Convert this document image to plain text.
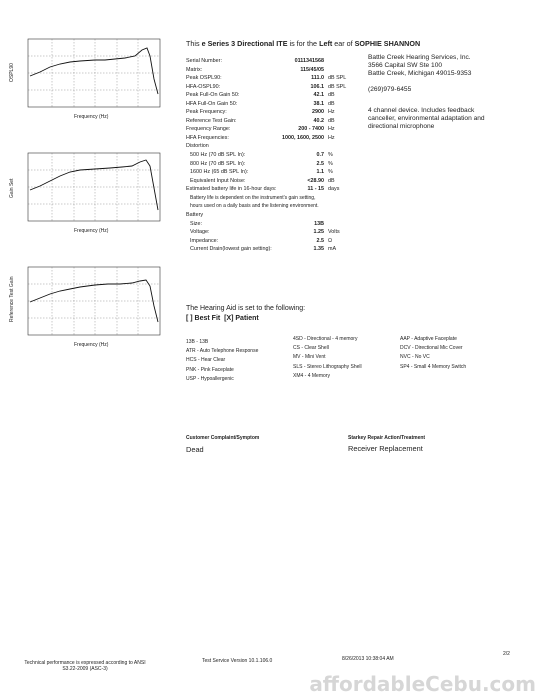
This e Series 3 Directional ITE is for the Left ear of SOPHIE SHANNON
Battle Creek Hearing Services, Inc.
3566 Capital SW Ste 100
Battle Creek, Michigan 49015-9353
(269)979-6455
4 channel device. Includes feedback
canceller, environmental adaptation and
directional microphone
Serial Number:	0111341568
Matrix:	115/45/05
Peak OSPL90:	111.0 dB SPL
HFA-OSPL90:	106.1 dB SPL
Peak Full-On Gain 50:	42.1 dB
HFA Full-On Gain 50:	38.1 dB
Peak Frequency:	2900 Hz
Reference Test Gain:	40.2 dB
Frequency Range:	200 - 7400 Hz
HFA Frequencies:	1000, 1600, 2500 Hz
Distortion
500 Hz (70 dB SPL In):	0.7 %
800 Hz (70 dB SPL In):	2.5 %
1600 Hz (65 dB SPL In):	1.1 %
Equivalent Input Noise:	<28.90 dB
Estimated battery life in 16-hour days:	11 - 15 days
Battery life is dependent on the instrument's gain setting,
hours used on a daily basis and the listening environment.
Battery
Size:	13B
Voltage:	1.25 Volts
Impedance:	2.5 Ω
Current Drain(lowest gain setting):	1.35 mA
The Hearing Aid is set to the following:
[ ] Best Fit  [X] Patient
13B - 13B
ATR - Auto Telephone Response
HCS - Hear Clear
PNK - Pink Faceplate
USP - Hypoallergenic
4SD - Directional - 4 memory
CS - Clear Shell
MV - Mini Vent
SLS - Stereo Lithography Shell
XM4 - 4 Memory
AAP - Adaptive Faceplate
DCV - Directional Mic Cover
NVC - No VC
SP4 - Small 4 Memory Switch
Customer Complaint/Symptom
Dead
Starkey Repair Action/Treatment
Receiver Replacement
OSPL90
Frequency (Hz)
Gain Set
Frequency (Hz)
Reference Test Gain
Frequency (Hz)
Technical performance is expressed according to ANSI
S3.22-2009 (ASC-3)
Test Service Version 10.1.106.0	8/26/2013 10:38:04 AM
2/2
affordableCebu.com
